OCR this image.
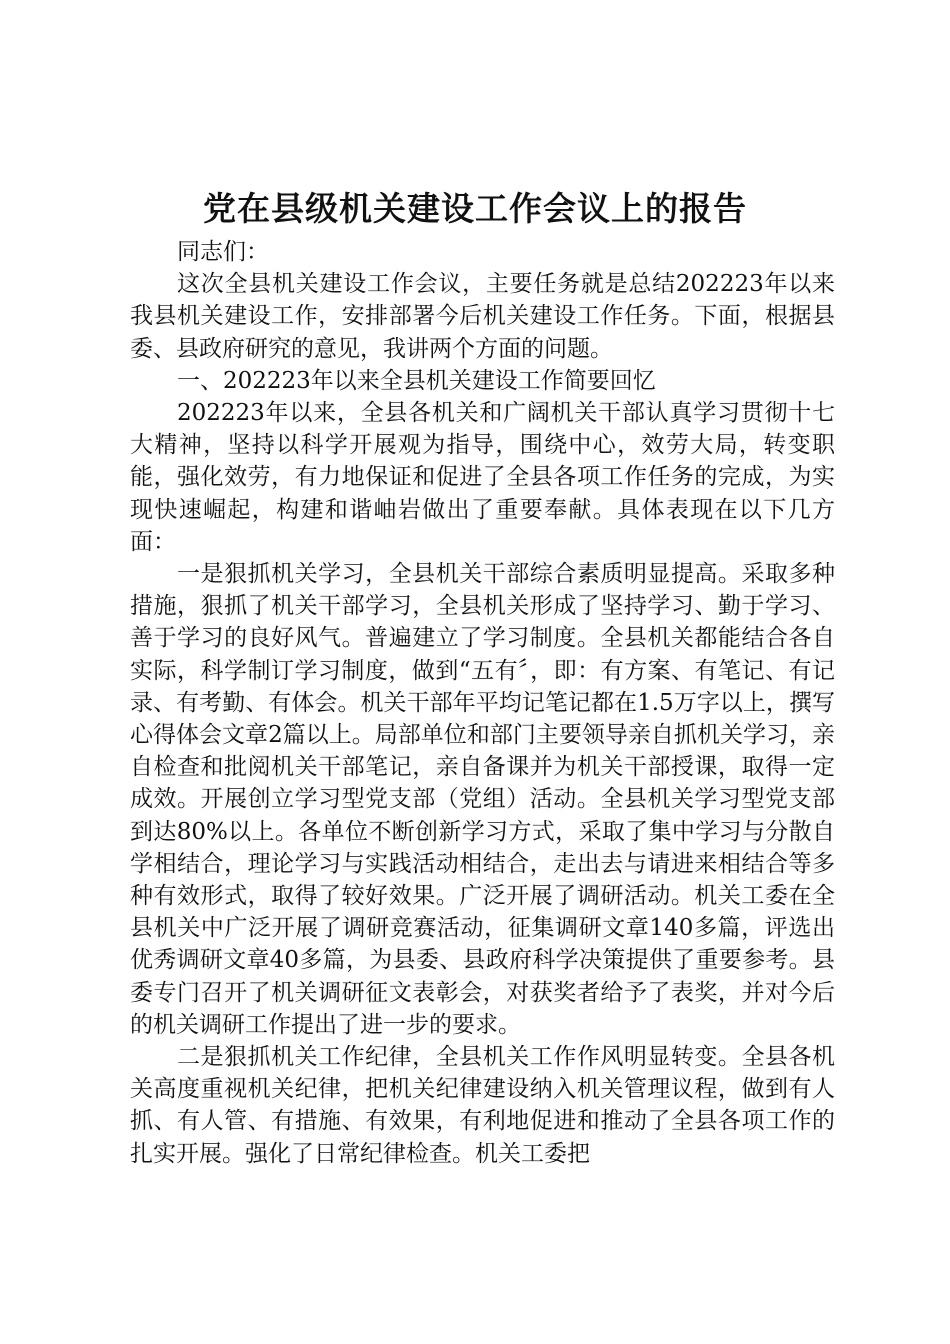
党在县级机关建设工作会议上的报告

同志们：

这次全县机关建设工作会议，主要任务就是总结202223年以来我县机关建设工作，安排部署今后机关建设工作任务。下面，根据县委、县政府研究的意见，我讲两个方面的问题。

一、202223年以来全县机关建设工作简要回忆

202223年以来，全县各机关和广阔机关干部认真学习贯彻十七大精神，坚持以科学开展观为指导，围绕中心，效劳大局，转变职能，强化效劳，有力地保证和促进了全县各项工作任务的完成，为实现快速崛起，构建和谐岫岩做出了重要奉献。具体表现在以下几方面：

一是狠抓机关学习，全县机关干部综合素质明显提高。采取多种措施，狠抓了机关干部学习，全县机关形成了坚持学习、勤于学习、善于学习的良好风气。普遍建立了学习制度。全县机关都能结合各自实际，科学制订学习制度，做到“五有〞，即：有方案、有笔记、有记录、有考勤、有体会。机关干部年平均记笔记都在1.5万字以上，撰写心得体会文章2篇以上。局部单位和部门主要领导亲自抓机关学习，亲自检查和批阅机关干部笔记，亲自备课并为机关干部授课，取得一定成效。开展创立学习型党支部（党组）活动。全县机关学习型党支部到达80%以上。各单位不断创新学习方式，采取了集中学习与分散自学相结合，理论学习与实践活动相结合，走出去与请进来相结合等多种有效形式，取得了较好效果。广泛开展了调研活动。机关工委在全县机关中广泛开展了调研竞赛活动，征集调研文章140多篇，评选出优秀调研文章40多篇，为县委、县政府科学决策提供了重要参考。县委专门召开了机关调研征文表彰会，对获奖者给予了表奖，并对今后的机关调研工作提出了进一步的要求。

二是狠抓机关工作纪律，全县机关工作作风明显转变。全县各机关高度重视机关纪律，把机关纪律建设纳入机关管理议程，做到有人抓、有人管、有措施、有效果，有利地促进和推动了全县各项工作的扎实开展。强化了日常纪律检查。机关工委把
